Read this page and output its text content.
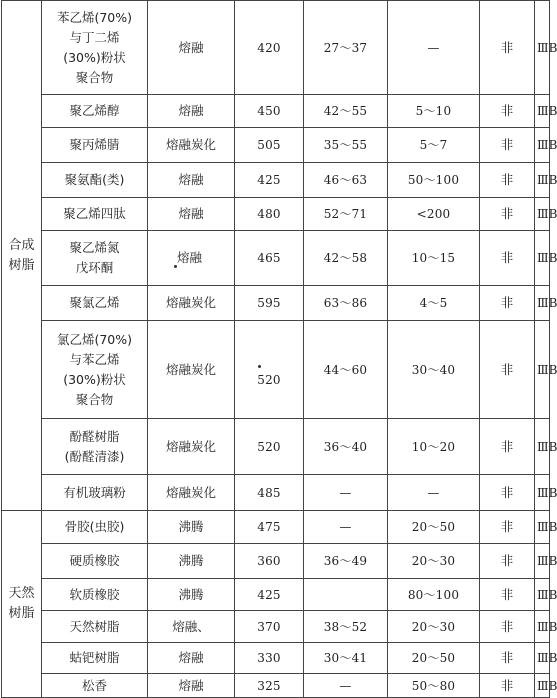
合成
树脂	苯乙烯(70%)
与丁二烯
(30%)粉状
聚合物	熔融	420	27～37	—	非	ⅢB
	聚乙烯醇	熔融	450	42～55	5～10	非	ⅢB
	聚丙烯腈	熔融炭化	505	35～55	5～7	非	ⅢB
	聚氨酯(类)	熔融	425	46～63	50～100	非	ⅢB
	聚乙烯四肽	熔融	480	52～71	<200	非	ⅢB
	聚乙烯氮
戊环酮	熔融	465	42～58	10～15	非	ⅢB
	聚氯乙烯	熔融炭化	595	63～86	4～5	非	ⅢB
	氯乙烯(70%)
与苯乙烯
(30%)粉状
聚合物	熔融炭化	520	44～60	30～40	非	ⅢB
	酚醛树脂
(酚醛清漆)	熔融炭化	520	36～40	10～20	非	ⅢB
	有机玻璃粉	熔融炭化	485	—	—	非	ⅢB
天然
树脂	骨胶(虫胶)	沸腾	475	—	20～50	非	ⅢB
	硬质橡胶	沸腾	360	36～49	20～30	非	ⅢB
	软质橡胶	沸腾	425		80～100	非	ⅢB
	天然树脂	熔融、	370	38～52	20～30	非	ⅢB
	蛄钯树脂	熔融	330	30～41	20～50	非	ⅢB
	松香	熔融	325	—	50～80	非	ⅢB
